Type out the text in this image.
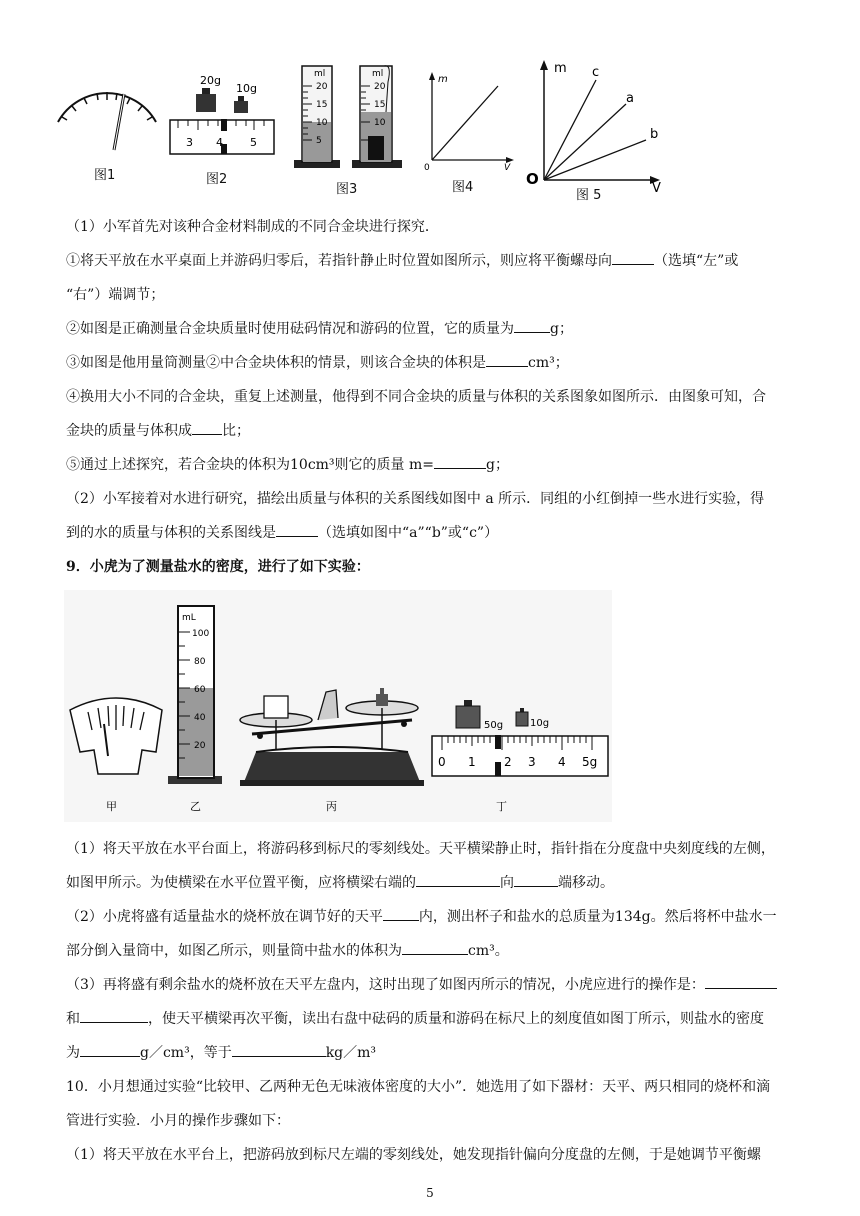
图1
20g
10g
3 4 5
图2
ml
20
15
10
5
ml
20
15
10
图3
m
V
0
图4
m
V
O
c
a
b
图 5
（1）小军首先对该种合金材料制成的不同合金块进行探究．
①将天平放在水平桌面上并游码归零后，若指针静止时位置如图所示，则应将平衡螺母向	（选填“左”或
“右”）端调节；
②如图是正确测量合金块质量时使用砝码情况和游码的位置，它的质量为	g；
③如图是他用量筒测量②中合金块体积的情景，则该合金块的体积是	cm³；
④换用大小不同的合金块，重复上述测量，他得到不同合金块的质量与体积的关系图象如图所示．由图象可知，合
金块的质量与体积成 比；
⑤通过上述探究，若合金块的体积为10cm³则它的质量 m=	g；
（2）小军接着对水进行研究，描绘出质量与体积的关系图线如图中 a 所示．同组的小红倒掉一些水进行实验，得
到的水的质量与体积的关系图线是	（选填如图中“a”“b”或“c”）
9．小虎为了测量盐水的密度，进行了如下实验：
甲
mL
100
80
60
40
20
乙	丙
50g	10g
0 1 2 3 4 5g
丁
（1）将天平放在水平台面上，将游码移到标尺的零刻线处。天平横梁静止时，指针指在分度盘中央刻度线的左侧，
如图甲所示。为使横梁在水平位置平衡，应将横梁右端的	向	端移动。
（2）小虎将盛有适量盐水的烧杯放在调节好的天平	内，测出杯子和盐水的总质量为134g。然后将杯中盐水一
部分倒入量筒中，如图乙所示，则量筒中盐水的体积为	cm³。
（3）再将盛有剩余盐水的烧杯放在天平左盘内，这时出现了如图丙所示的情况，小虎应进行的操作是：
和	，使天平横梁再次平衡，读出右盘中砝码的质量和游码在标尺上的刻度值如图丁所示，则盐水的密度
为	g／cm³，等于	kg／m³
10．小月想通过实验“比较甲、乙两种无色无味液体密度的大小”．她选用了如下器材：天平、两只相同的烧杯和滴
管进行实验．小月的操作步骤如下：
（1）将天平放在水平台上，把游码放到标尺左端的零刻线处，她发现指针偏向分度盘的左侧，于是她调节平衡螺
5
